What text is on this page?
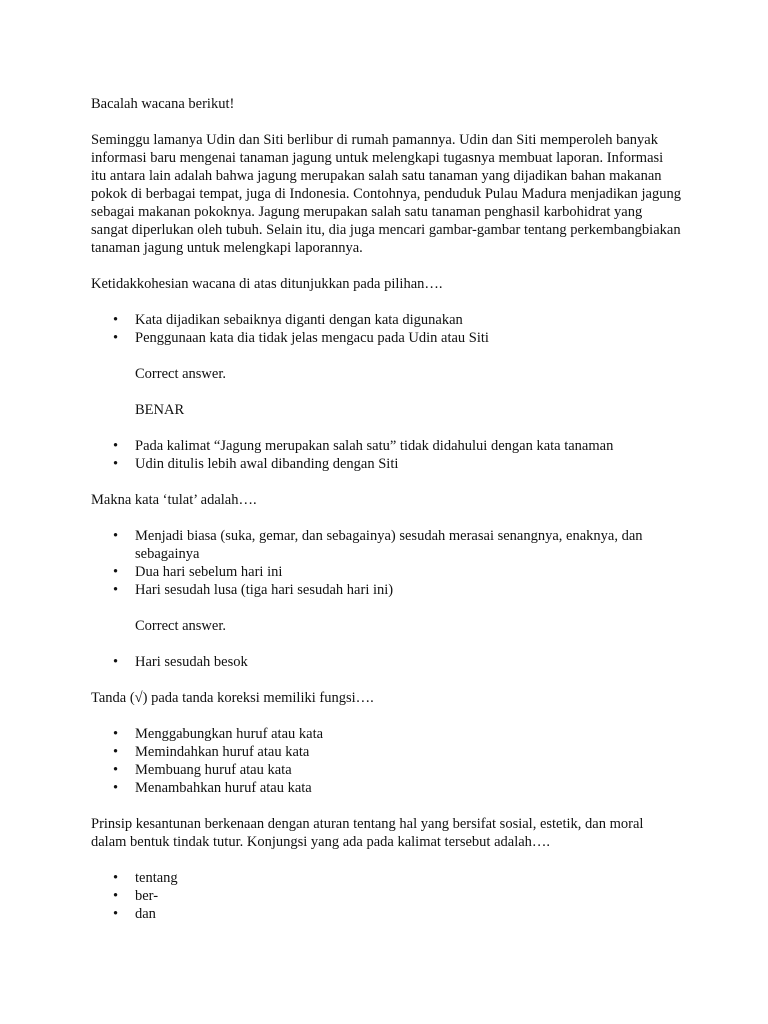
Bacalah wacana berikut!

Seminggu lamanya Udin dan Siti berlibur di rumah pamannya. Udin dan Siti memperoleh banyak informasi baru mengenai tanaman jagung untuk melengkapi tugasnya membuat laporan. Informasi itu antara lain adalah bahwa jagung merupakan salah satu tanaman yang dijadikan bahan makanan pokok di berbagai tempat, juga di Indonesia. Contohnya, penduduk Pulau Madura menjadikan jagung sebagai makanan pokoknya. Jagung merupakan salah satu tanaman penghasil karbohidrat yang sangat diperlukan oleh tubuh. Selain itu, dia juga mencari gambar-gambar tentang perkembangbiakan tanaman jagung untuk melengkapi laporannya.

Ketidakkohesian wacana di atas ditunjukkan pada pilihan….

• Kata dijadikan sebaiknya diganti dengan kata digunakan
• Penggunaan kata dia tidak jelas mengacu pada Udin atau Siti

Correct answer.

BENAR

• Pada kalimat “Jagung merupakan salah satu” tidak didahului dengan kata tanaman
• Udin ditulis lebih awal dibanding dengan Siti

Makna kata ‘tulat’ adalah….

• Menjadi biasa (suka, gemar, dan sebagainya) sesudah merasai senangnya, enaknya, dan sebagainya
• Dua hari sebelum hari ini
• Hari sesudah lusa (tiga hari sesudah hari ini)

Correct answer.

• Hari sesudah besok

Tanda (√) pada tanda koreksi memiliki fungsi….

• Menggabungkan huruf atau kata
• Memindahkan huruf atau kata
• Membuang huruf atau kata
• Menambahkan huruf atau kata

Prinsip kesantunan berkenaan dengan aturan tentang hal yang bersifat sosial, estetik, dan moral dalam bentuk tindak tutur. Konjungsi yang ada pada kalimat tersebut adalah….

• tentang
• ber-
• dan
